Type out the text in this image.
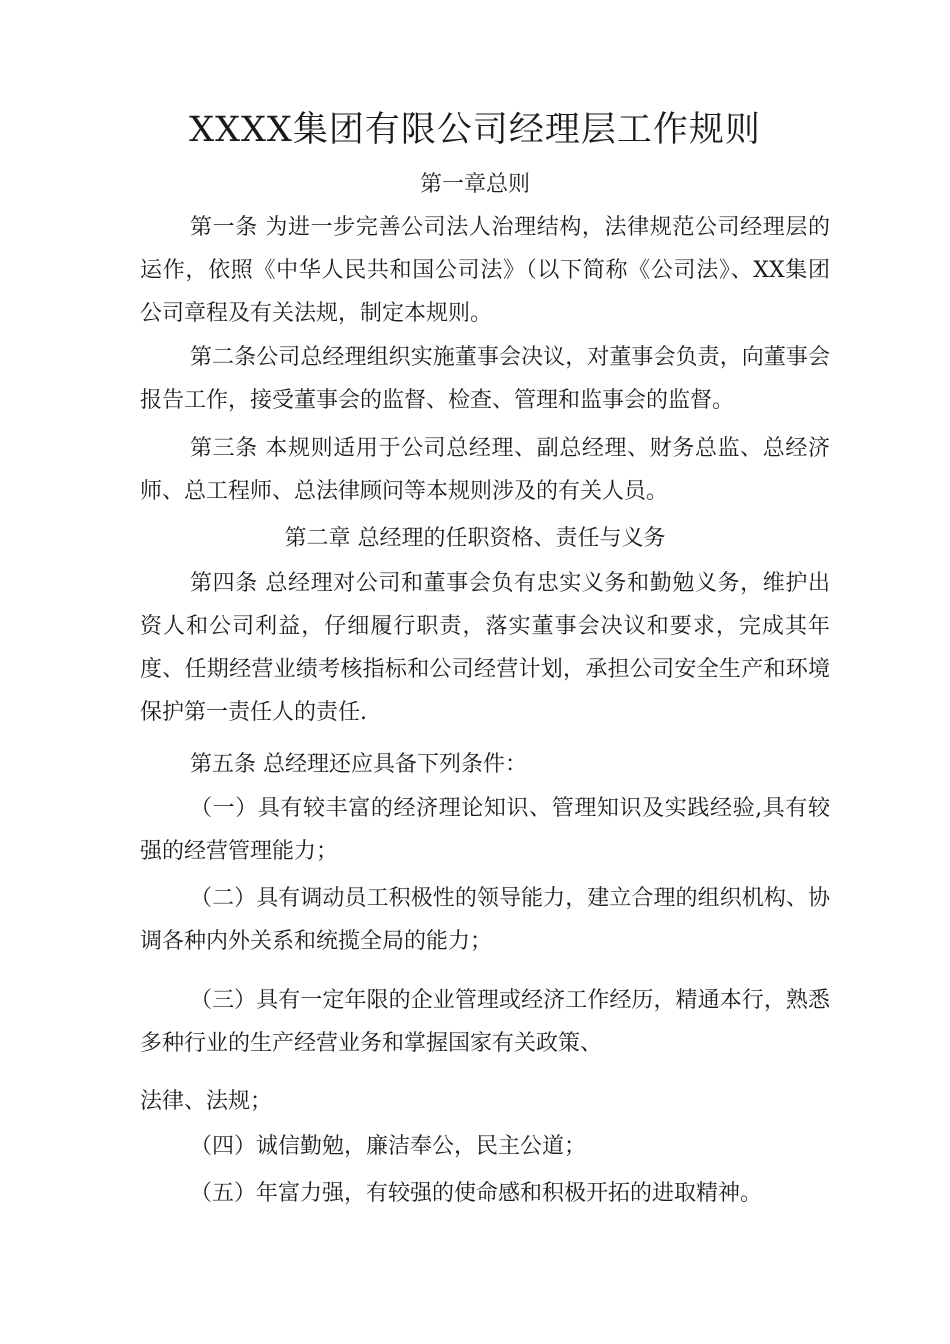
XXXX集团有限公司经理层工作规则
第一章总则

第一条 为进一步完善公司法人治理结构，法律规范公司经理层的运作，依照《中华人民共和国公司法》（以下简称《公司法》、XX集团公司章程及有关法规，制定本规则。

第二条公司总经理组织实施董事会决议，对董事会负责，向董事会报告工作，接受董事会的监督、检查、管理和监事会的监督。

第三条 本规则适用于公司总经理、副总经理、财务总监、总经济师、总工程师、总法律顾问等本规则涉及的有关人员。

第二章 总经理的任职资格、责任与义务

第四条 总经理对公司和董事会负有忠实义务和勤勉义务，维护出资人和公司利益，仔细履行职责，落实董事会决议和要求，完成其年度、任期经营业绩考核指标和公司经营计划，承担公司安全生产和环境保护第一责任人的责任.

第五条 总经理还应具备下列条件：

（一）具有较丰富的经济理论知识、管理知识及实践经验,具有较强的经营管理能力；

（二）具有调动员工积极性的领导能力，建立合理的组织机构、协调各种内外关系和统揽全局的能力；

（三）具有一定年限的企业管理或经济工作经历，精通本行，熟悉多种行业的生产经营业务和掌握国家有关政策、

法律、法规；

（四）诚信勤勉，廉洁奉公，民主公道；

（五）年富力强，有较强的使命感和积极开拓的进取精神。
